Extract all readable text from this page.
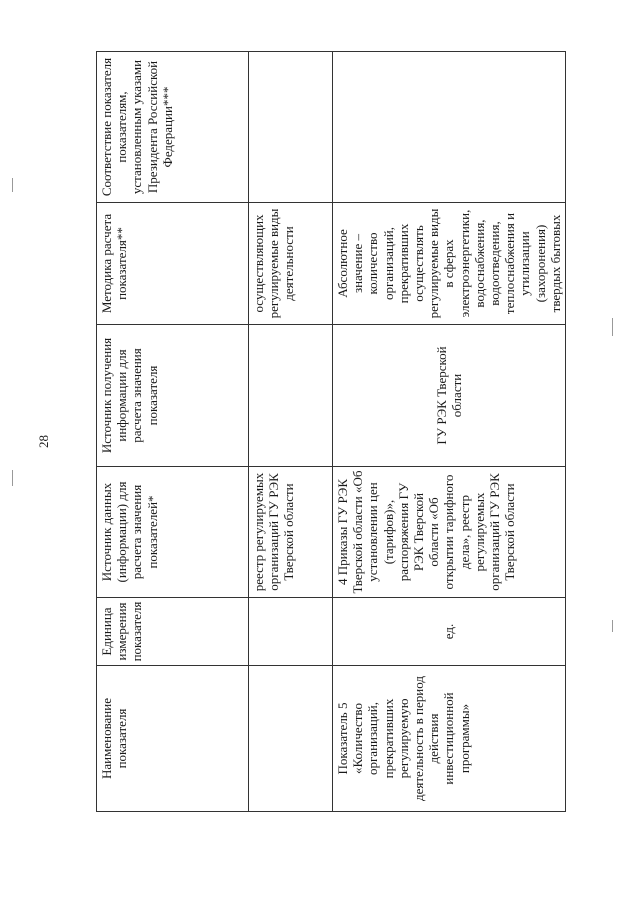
28
Наименование показателя	Единица измерения показателя	Источник данных (информации) для расчета значения показателей*	Источник получения информации для расчета значения показателя	Методика расчета показателя**	Соответствие показателя показателям, установленным указами Президента Российской Федерации***
		реестр регулируемых организаций ГУ РЭК Тверской области		осуществляющих регулируемые виды деятельности	
Показатель 5 «Количество организаций, прекративших регулируемую деятельность в период действия инвестиционной программы»	ед.	4 Приказы ГУ РЭК Тверской области «Об установлении цен (тарифов)», распоряжения ГУ РЭК Тверской области «Об открытии тарифного дела», реестр регулируемых организаций ГУ РЭК Тверской области	ГУ РЭК Тверской области	Абсолютное значение – количество организаций, прекративших осуществлять регулируемые виды в сферах электроэнергетики, водоснабжения, водоотведения, теплоснабжения и утилизации (захоронения) твердых бытовых	
